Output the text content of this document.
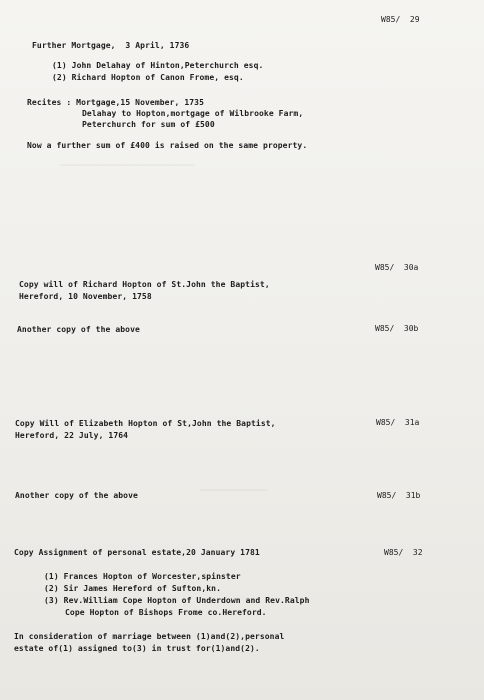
▔▔▔▔▔▔▔▔▔▔▔▔▔▔▔▔▔▔▔▔▔▔▔▔▔▔▔▔
▔▔▔▔▔▔▔▔▔▔▔▔▔▔
W85/  29
Further Mortgage,  3 April, 1736
(1) John Delahay of Hinton,Peterchurch esq.
(2) Richard Hopton of Canon Frome, esq.
Recites : Mortgage,15 November, 1735
Delahay to Hopton,mortgage of Wilbrooke Farm,
Peterchurch for sum of £500
Now a further sum of £400 is raised on the same property.
W85/  30a
Copy will of Richard Hopton of St.John the Baptist,
Hereford, 10 November, 1758
W85/  30b
Another copy of the above
W85/  31a
Copy Will of Elizabeth Hopton of St,John the Baptist,
Hereford, 22 July, 1764
W85/  31b
Another copy of the above
W85/  32
Copy Assignment of personal estate,20 January 1781
(1) Frances Hopton of Worcester,spinster
(2) Sir James Hereford of Sufton,kn.
(3) Rev.William Cope Hopton of Underdown and Rev.Ralph
Cope Hopton of Bishops Frome co.Hereford.
In consideration of marriage between (1)and(2),personal
estate of(1) assigned to(3) in trust for(1)and(2).
